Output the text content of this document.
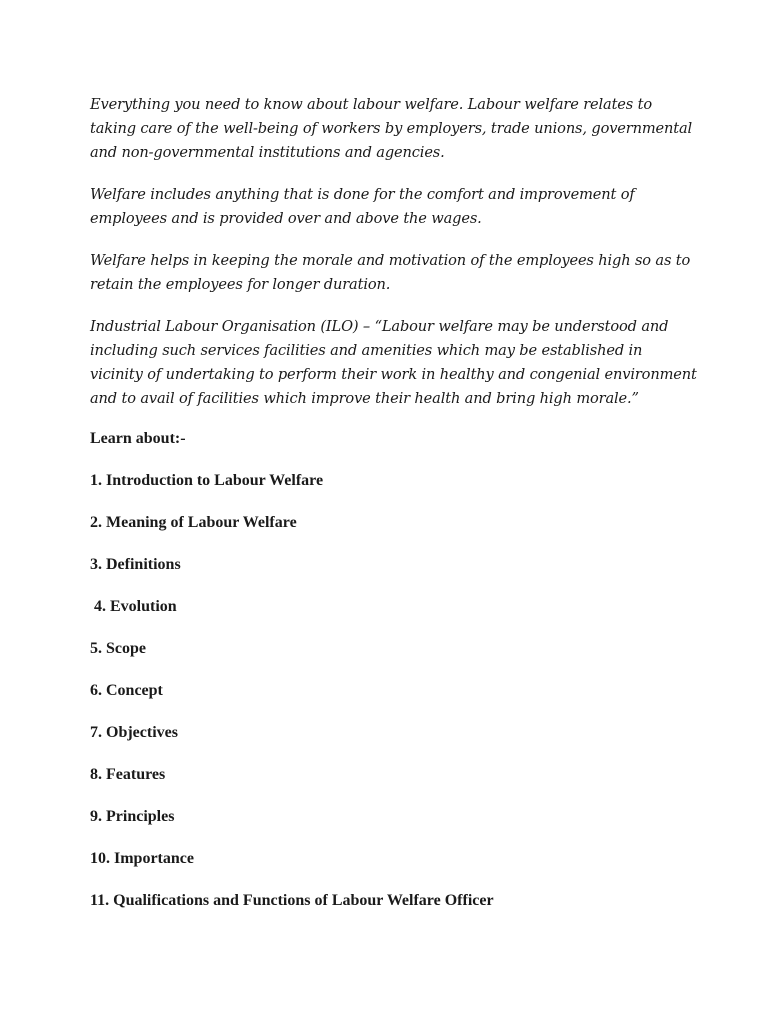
Everything you need to know about labour welfare. Labour welfare relates to
taking care of the well-being of workers by employers, trade unions, governmental
and non-governmental institutions and agencies.

Welfare includes anything that is done for the comfort and improvement of
employees and is provided over and above the wages.

Welfare helps in keeping the morale and motivation of the employees high so as to
retain the employees for longer duration.

Industrial Labour Organisation (ILO) – “Labour welfare may be understood and
including such services facilities and amenities which may be established in
vicinity of undertaking to perform their work in healthy and congenial environment
and to avail of facilities which improve their health and bring high morale.”

Learn about:-
1. Introduction to Labour Welfare
2. Meaning of Labour Welfare
3. Definitions
4. Evolution
5. Scope
6. Concept
7. Objectives
8. Features
9. Principles
10. Importance
11. Qualifications and Functions of Labour Welfare Officer
